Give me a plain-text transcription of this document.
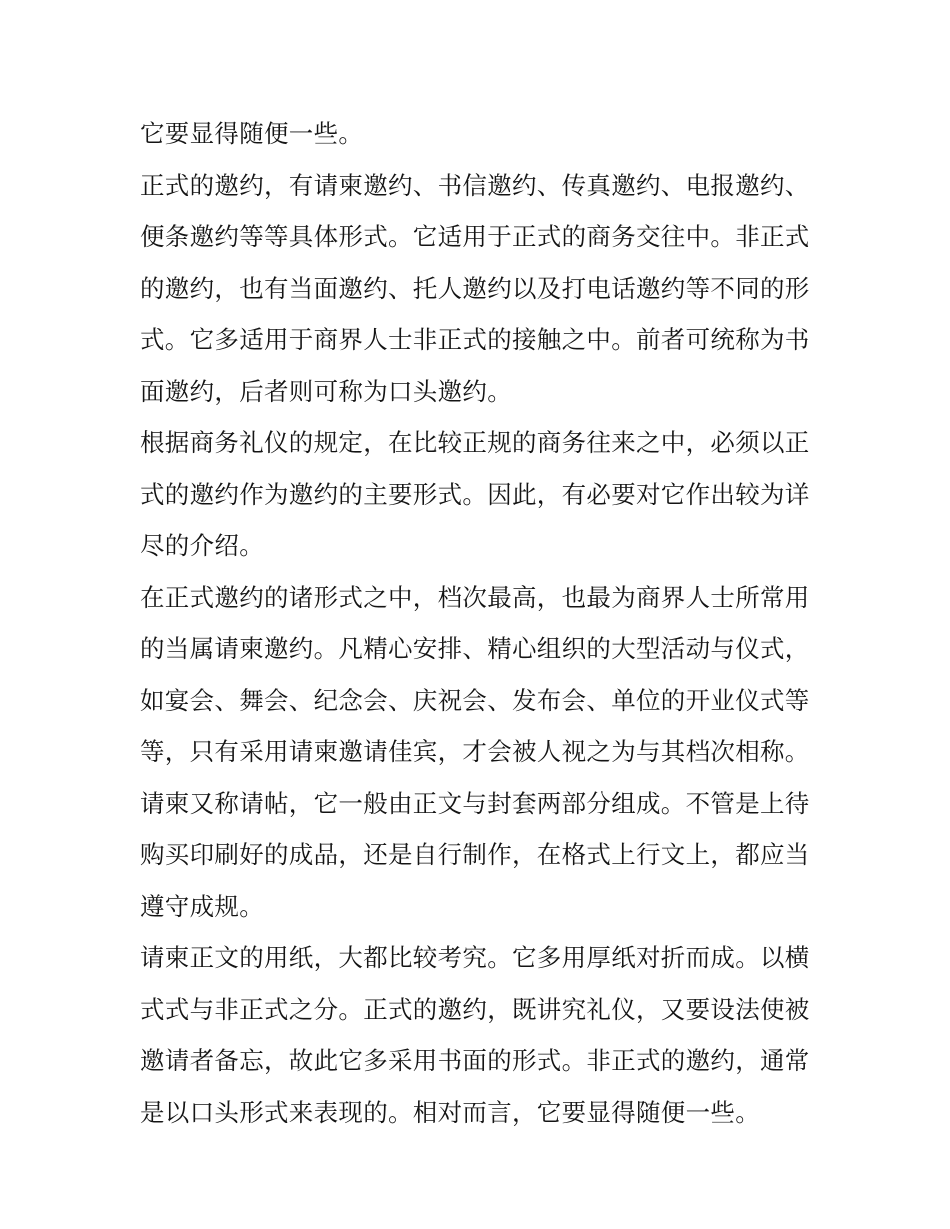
它要显得随便一些。
正式的邀约，有请柬邀约、书信邀约、传真邀约、电报邀约、
便条邀约等等具体形式。它适用于正式的商务交往中。非正式
的邀约，也有当面邀约、托人邀约以及打电话邀约等不同的形
式。它多适用于商界人士非正式的接触之中。前者可统称为书
面邀约，后者则可称为口头邀约。
根据商务礼仪的规定，在比较正规的商务往来之中，必须以正
式的邀约作为邀约的主要形式。因此，有必要对它作出较为详
尽的介绍。
在正式邀约的诸形式之中，档次最高，也最为商界人士所常用
的当属请柬邀约。凡精心安排、精心组织的大型活动与仪式，
如宴会、舞会、纪念会、庆祝会、发布会、单位的开业仪式等
等，只有采用请柬邀请佳宾，才会被人视之为与其档次相称。
请柬又称请帖，它一般由正文与封套两部分组成。不管是上待
购买印刷好的成品，还是自行制作，在格式上行文上，都应当
遵守成规。
请柬正文的用纸，大都比较考究。它多用厚纸对折而成。以横
式式与非正式之分。正式的邀约，既讲究礼仪，又要设法使被
邀请者备忘，故此它多采用书面的形式。非正式的邀约，通常
是以口头形式来表现的。相对而言，它要显得随便一些。
